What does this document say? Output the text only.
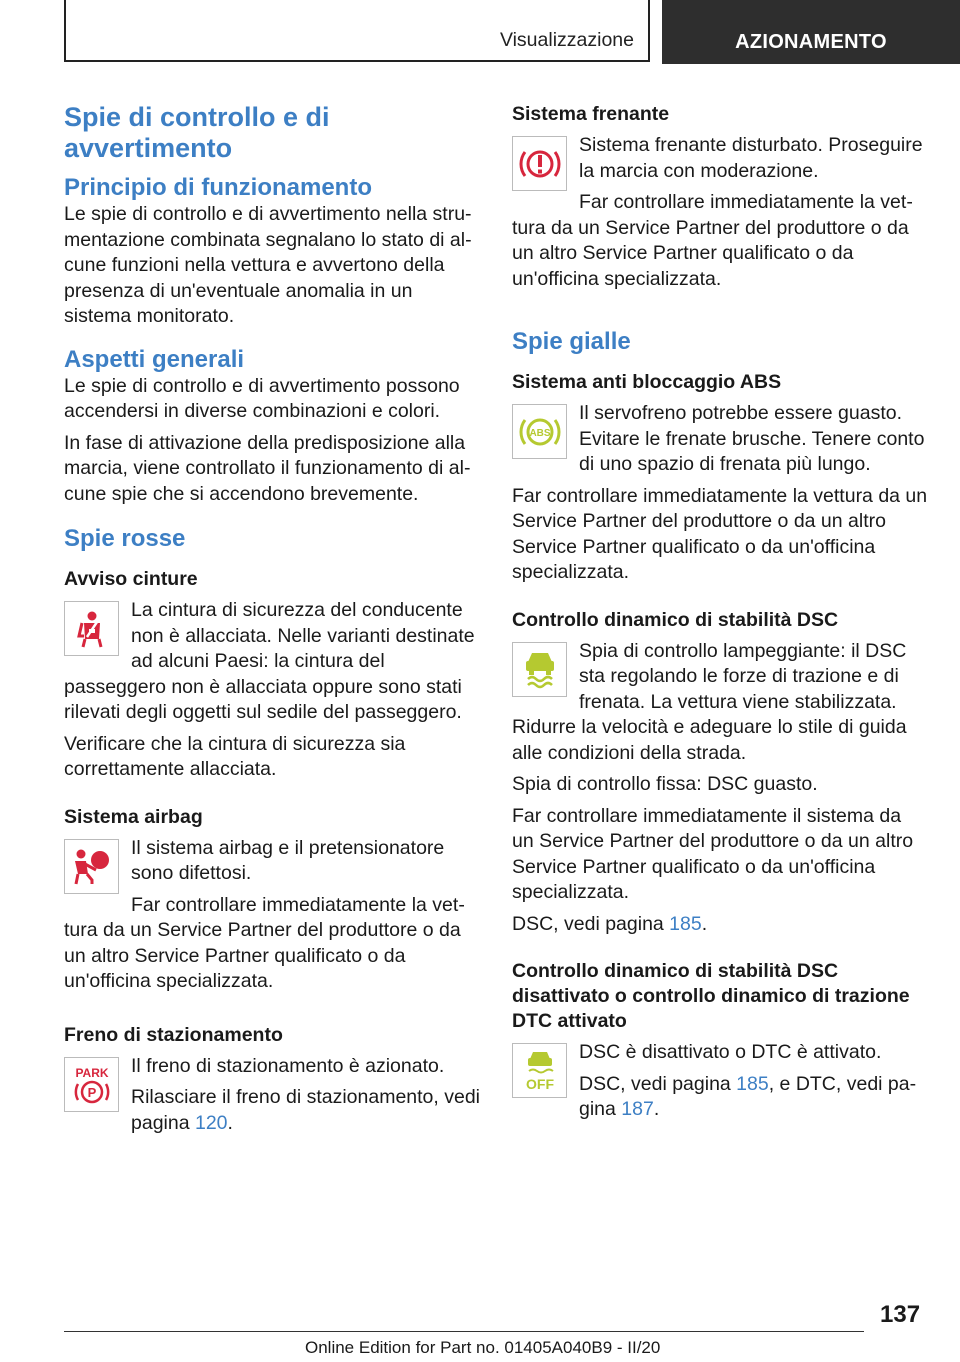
Visualizzazione	AZIONAMENTO
Spie di controllo e di avvertimento
Principio di funzionamento

Le spie di controllo e di avvertimento nella strumentazione combinata segnalano lo stato di alcune funzioni nella vettura e avvertono della presenza di un'eventuale anomalia in un sistema monitorato.

Aspetti generali

Le spie di controllo e di avvertimento possono accendersi in diverse combinazioni e colori.

In fase di attivazione della predisposizione alla marcia, viene controllato il funzionamento di alcune spie che si accendono brevemente.

Spie rosse
Avviso cinture

La cintura di sicurezza del conducente non è allacciata. Nelle varianti destinate ad alcuni Paesi: la cintura del passeggero non è allacciata oppure sono stati rilevati degli oggetti sul sedile del passeggero.

Verificare che la cintura di sicurezza sia correttamente allacciata.

Sistema airbag

Il sistema airbag e il pretensionatore sono difettosi.

Far controllare immediatamente la vettura da un Service Partner del produttore o da un altro Service Partner qualificato o da un'officina specializzata.

Freno di stazionamento
PARK
P

Il freno di stazionamento è azionato.

Rilasciare il freno di stazionamento, vedi pagina 120.

Sistema frenante

Sistema frenante disturbato. Proseguire la marcia con moderazione.

Far controllare immediatamente la vettura da un Service Partner del produttore o da un altro Service Partner qualificato o da un'officina specializzata.

Spie gialle
Sistema anti bloccaggio ABS
ABS

Il servofreno potrebbe essere guasto. Evitare le frenate brusche. Tenere conto di uno spazio di frenata più lungo.

Far controllare immediatamente la vettura da un Service Partner del produttore o da un altro Service Partner qualificato o da un'officina specializzata.

Controllo dinamico di stabilità DSC

Spia di controllo lampeggiante: il DSC sta regolando le forze di trazione e di frenata. La vettura viene stabilizzata. Ridurre la velocità e adeguare lo stile di guida alle condizioni della strada.

Spia di controllo fissa: DSC guasto.

Far controllare immediatamente il sistema da un Service Partner del produttore o da un altro Service Partner qualificato o da un'officina specializzata.

DSC, vedi pagina 185.

Controllo dinamico di stabilità DSC disattivato o controllo dinamico di trazione DTC attivato
OFF

DSC è disattivato o DTC è attivato.

DSC, vedi pagina 185, e DTC, vedi pagina 187.

137
Online Edition for Part no. 01405A040B9 - II/20
